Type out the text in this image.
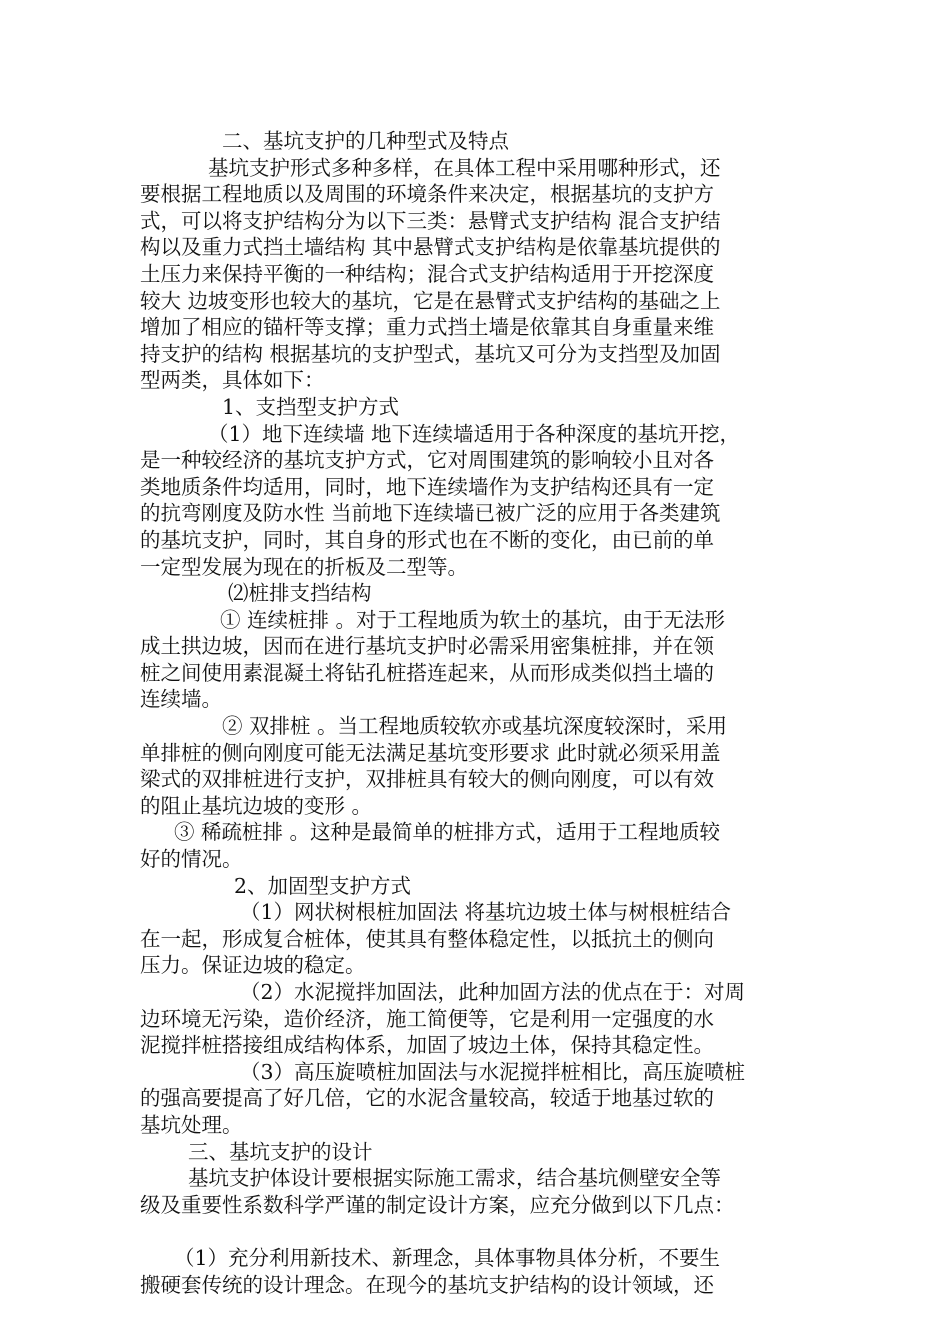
二、基坑支护的几种型式及特点
基坑支护形式多种多样，在具体工程中采用哪种形式，还
要根据工程地质以及周围的环境条件来决定，根据基坑的支护方
式，可以将支护结构分为以下三类：悬臂式支护结构 混合支护结
构以及重力式挡土墙结构 其中悬臂式支护结构是依靠基坑提供的
土压力来保持平衡的一种结构；混合式支护结构适用于开挖深度
较大 边坡变形也较大的基坑，它是在悬臂式支护结构的基础之上
增加了相应的锚杆等支撑；重力式挡土墙是依靠其自身重量来维
持支护的结构 根据基坑的支护型式，基坑又可分为支挡型及加固
型两类，具体如下：
1、支挡型支护方式
（1）地下连续墙 地下连续墙适用于各种深度的基坑开挖，
是一种较经济的基坑支护方式，它对周围建筑的影响较小且对各
类地质条件均适用，同时，地下连续墙作为支护结构还具有一定
的抗弯刚度及防水性 当前地下连续墙已被广泛的应用于各类建筑
的基坑支护，同时，其自身的形式也在不断的变化，由已前的单
一定型发展为现在的折板及二型等。
⑵桩排支挡结构
① 连续桩排 。对于工程地质为软土的基坑，由于无法形
成土拱边坡，因而在进行基坑支护时必需采用密集桩排，并在领
桩之间使用素混凝土将钻孔桩搭连起来，从而形成类似挡土墙的
连续墙。
② 双排桩 。当工程地质较软亦或基坑深度较深时，采用
单排桩的侧向刚度可能无法满足基坑变形要求 此时就必须采用盖
梁式的双排桩进行支护，双排桩具有较大的侧向刚度，可以有效
的阻止基坑边坡的变形 。
③ 稀疏桩排 。这种是最简单的桩排方式，适用于工程地质较
好的情况。
2、加固型支护方式
（1）网状树根桩加固法 将基坑边坡土体与树根桩结合
在一起，形成复合桩体，使其具有整体稳定性，以抵抗土的侧向
压力。保证边坡的稳定。
（2）水泥搅拌加固法，此种加固方法的优点在于：对周
边环境无污染，造价经济，施工简便等，它是利用一定强度的水
泥搅拌桩搭接组成结构体系，加固了坡边土体，保持其稳定性。
（3）高压旋喷桩加固法与水泥搅拌桩相比，高压旋喷桩
的强高要提高了好几倍，它的水泥含量较高，较适于地基过软的
基坑处理。
三、基坑支护的设计
基坑支护体设计要根据实际施工需求，结合基坑侧壁安全等
级及重要性系数科学严谨的制定设计方案，应充分做到以下几点：
（1）充分利用新技术、新理念，具体事物具体分析，不要生
搬硬套传统的设计理念。在现今的基坑支护结构的设计领域，还
